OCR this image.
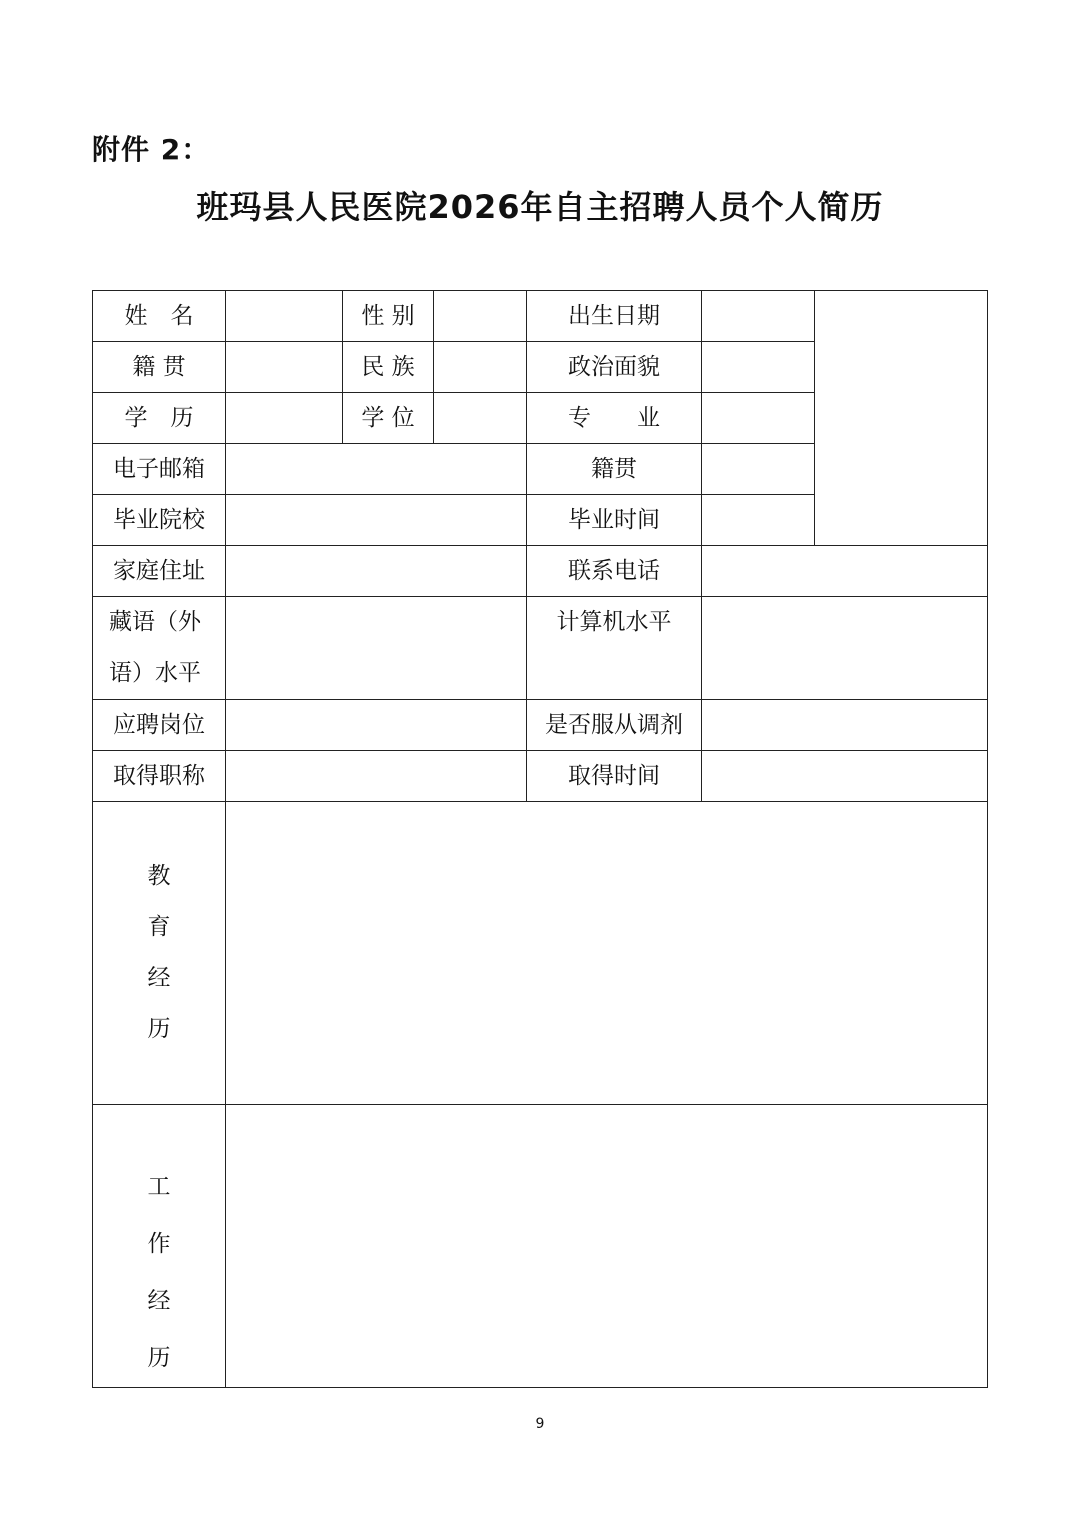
附件 2：
班玛县人民医院2026年自主招聘人员个人简历
姓　名		性 别		出生日期		
籍 贯		民 族		政治面貌		
学　历		学 位		专　　业		
电子邮箱				籍贯		
毕业院校				毕业时间		
家庭住址				联系电话		
藏语（外语）水平				计算机水平		
应聘岗位				是否服从调剂		
取得职称				取得时间		
教育经历						
工作经历						
9
